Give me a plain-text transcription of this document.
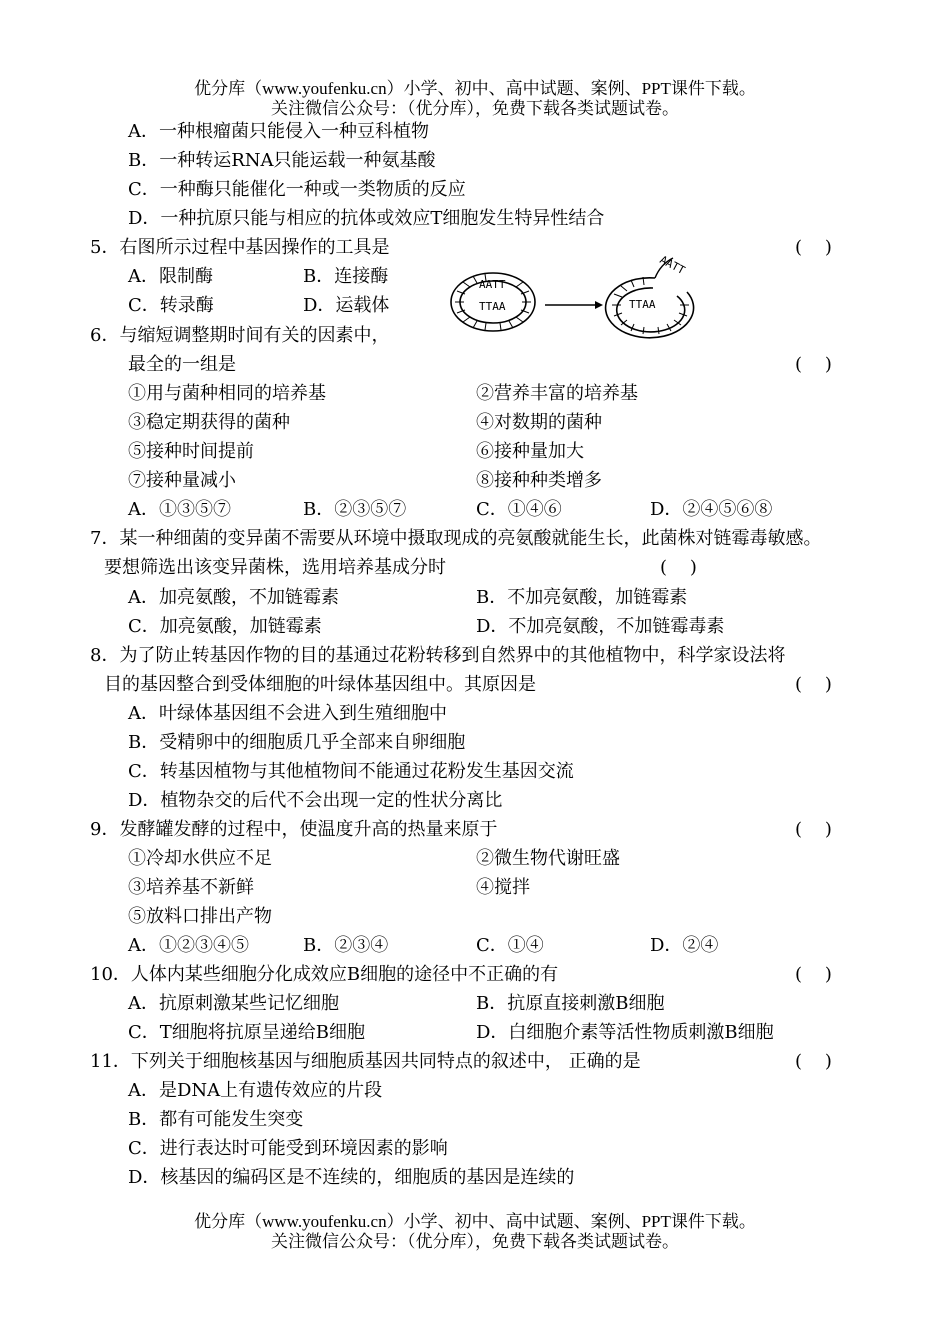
优分库（www.youfenku.cn）小学、初中、高中试题、案例、PPT课件下载。
关注微信公众号：（优分库），免费下载各类试题试卷。
A．一种根瘤菌只能侵入一种豆科植物
B．一种转运RNA只能运载一种氨基酸
C．一种酶只能催化一种或一类物质的反应
D．一种抗原只能与相应的抗体或效应T细胞发生特异性结合
5．右图所示过程中基因操作的工具是	(    )
A．限制酶	B．连接酶
C．转录酶	D．运载体
AATT
TTAA	TTAA
AATT
6．与缩短调整期时间有关的因素中，
最全的一组是	(    )
①用与菌种相同的培养基	②营养丰富的培养基
③稳定期获得的菌种	④对数期的菌种
⑤接种时间提前	⑥接种量加大
⑦接种量减小	⑧接种种类增多
A．①③⑤⑦	B．②③⑤⑦	C．①④⑥	D．②④⑤⑥⑧
7．某一种细菌的变异菌不需要从环境中摄取现成的亮氨酸就能生长，此菌株对链霉毒敏感。
要想筛选出该变异菌株，选用培养基成分时	(    )
A．加亮氨酸，不加链霉素	B．不加亮氨酸，加链霉素
C．加亮氨酸，加链霉素	D．不加亮氨酸，不加链霉毒素
8．为了防止转基因作物的目的基通过花粉转移到自然界中的其他植物中，科学家设法将
目的基因整合到受体细胞的叶绿体基因组中。其原因是	(    )
A．叶绿体基因组不会进入到生殖细胞中
B．受精卵中的细胞质几乎全部来自卵细胞
C．转基因植物与其他植物间不能通过花粉发生基因交流
D．植物杂交的后代不会出现一定的性状分离比
9．发酵罐发酵的过程中，使温度升高的热量来原于	(    )
①冷却水供应不足	②微生物代谢旺盛
③培养基不新鲜	④搅拌
⑤放料口排出产物
A．①②③④⑤	B．②③④	C．①④	D．②④
10．人体内某些细胞分化成效应B细胞的途径中不正确的有	(    )
A．抗原刺激某些记忆细胞	B．抗原直接刺激B细胞
C．T细胞将抗原呈递给B细胞	D．白细胞介素等活性物质刺激B细胞
11．下列关于细胞核基因与细胞质基因共同特点的叙述中， 正确的是	(    )
A．是DNA上有遗传效应的片段
B．都有可能发生突变
C．进行表达时可能受到环境因素的影响
D．核基因的编码区是不连续的，细胞质的基因是连续的
优分库（www.youfenku.cn）小学、初中、高中试题、案例、PPT课件下载。
关注微信公众号：（优分库），免费下载各类试题试卷。
